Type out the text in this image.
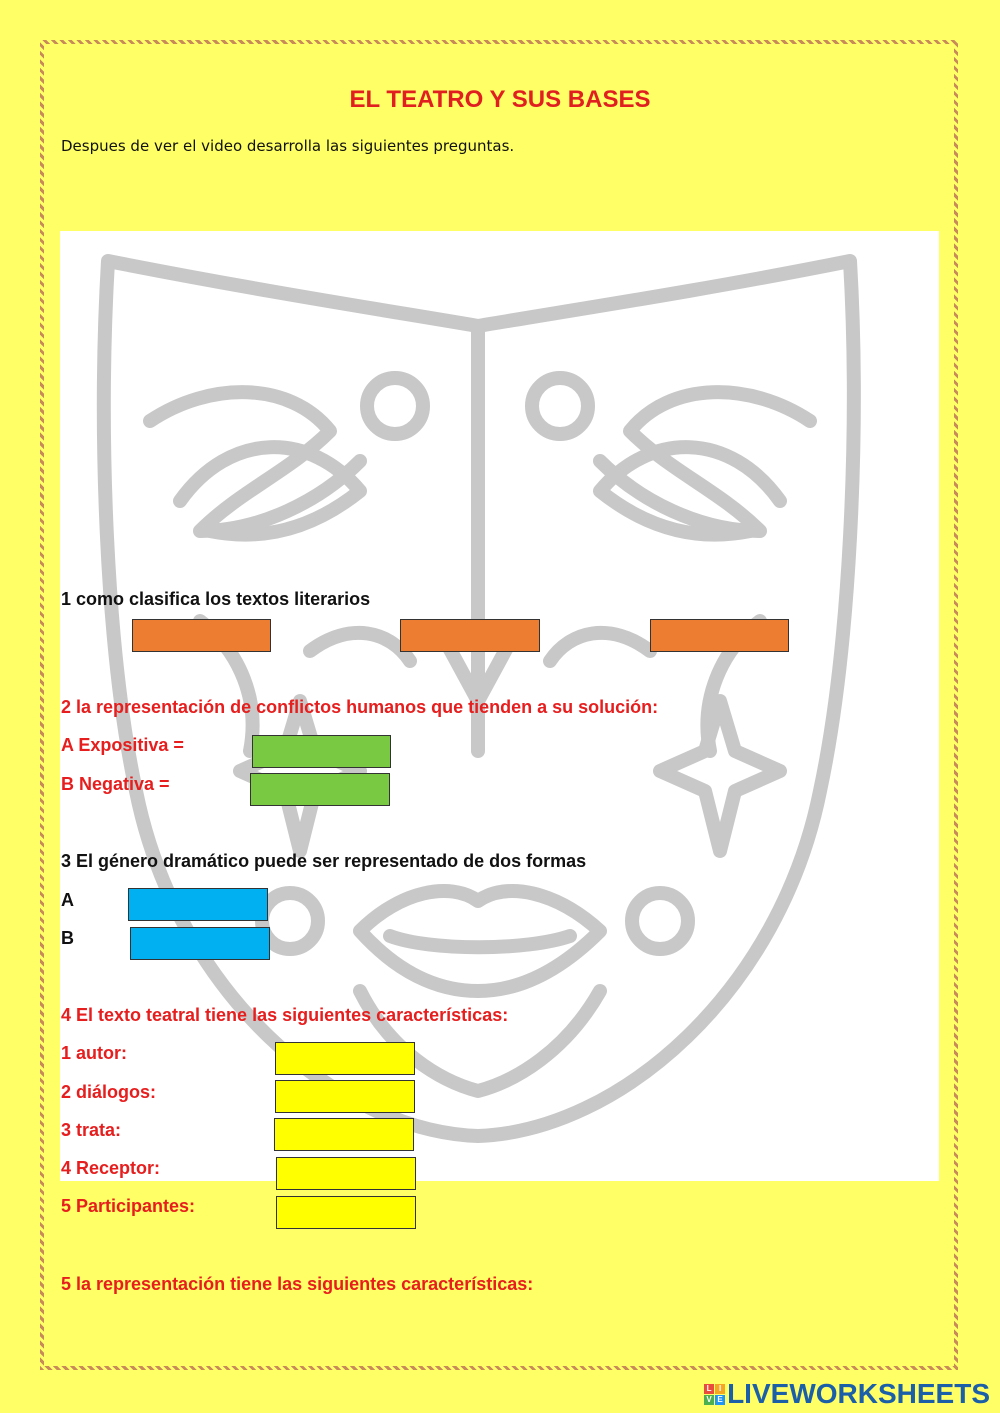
EL TEATRO Y SUS BASES
Despues de ver el video desarrolla las siguientes preguntas.
1 como clasifica los textos literarios
2 la representación de conflictos humanos que tienden a su solución:
A Expositiva =
B Negativa =
3 El género dramático puede ser representado de dos formas
A
B
4 El texto teatral tiene las siguientes características:
1 autor:
2 diálogos:
3 trata:
4 Receptor:
5 Participantes:
5 la representación tiene las siguientes características:
L I
V E LIVEWORKSHEETS
